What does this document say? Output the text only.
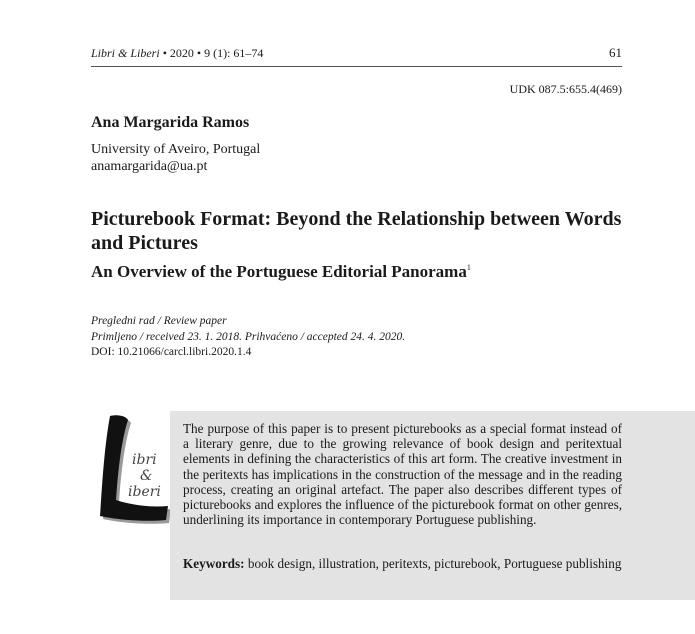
Libri & Liberi • 2020 • 9 (1): 61–74	61
UDK 087.5:655.4(469)
Ana Margarida Ramos
University of Aveiro, Portugal
anamargarida@ua.pt
Picturebook Format: Beyond the Relationship between Words and Pictures
An Overview of the Portuguese Editorial Panorama$^1$
Pregledni rad / Review paper
Primljeno / received 23. 1. 2018. Prihvaćeno / accepted 24. 4. 2020.
DOI: 10.21066/carcl.libri.2020.1.4
ibri
&
iberi
The purpose of this paper is to present picturebooks as a special format instead of a literary genre, due to the growing relevance of book design and peritextual elements in defining the characteristics of this art form. The creative investment in the peritexts has implications in the construction of the message and in the reading process, creating an original artefact. The paper also describes different types of picturebooks and explores the influence of the picturebook format on other genres, underlining its importance in contemporary Portuguese publishing.
Keywords: book design, illustration, peritexts, picturebook, Portuguese publishing
